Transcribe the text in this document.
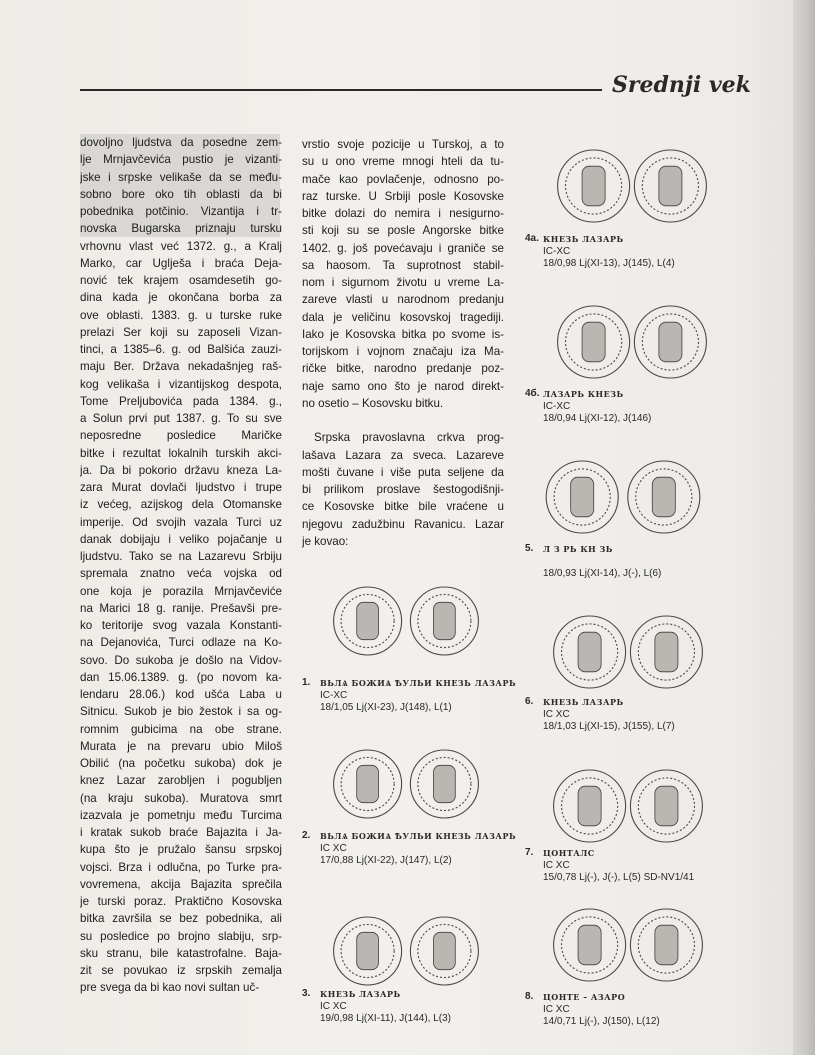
Srednji vek
dovoljno ljudstva da posedne zem-
lje Mrnjavčevića pustio je vizanti-
jske i srpske velikaše da se među-
sobno bore oko tih oblasti da bi
pobednika potčinio. Vizantija i tr-
novska Bugarska priznaju tursku
vrhovnu vlast već 1372. g., a Kralj
Marko, car Uglješa i braća Deja-
nović tek krajem osamdesetih go-
dina kada je okončana borba za
ove oblasti. 1383. g. u turske ruke
prelazi Ser koji su zaposeli Vizan-
tinci, a 1385–6. g. od Balšića zauzi-
maju Ber. Država nekadašnjeg raš-
kog velikaša i vizantijskog despota,
Tome Preljubovića pada 1384. g.,
a Solun prvi put 1387. g. To su sve
neposredne posledice Maričke
bitke i rezultat lokalnih turskih akci-
ja. Da bi pokorio državu kneza La-
zara Murat dovlači ljudstvo i trupe
iz većeg, azijskog dela Otomanske
imperije. Od svojih vazala Turci uz
danak dobijaju i veliko pojačanje u
ljudstvu. Tako se na Lazarevu Srbiju
spremala znatno veća vojska od
one koja je porazila Mrnjavčeviće
na Marici 18 g. ranije. Prešavši pre-
ko teritorije svog vazala Konstanti-
na Dejanovića, Turci odlaze na Ko-
sovo. Do sukoba je došlo na Vidov-
dan 15.06.1389. g. (po novom ka-
lendaru 28.06.) kod ušća Laba u
Sitnicu. Sukob je bio žestok i sa og-
romnim gubicima na obe strane.
Murata je na prevaru ubio Miloš
Obilić (na početku sukoba) dok je
knez Lazar zarobljen i pogubljen
(na kraju sukoba). Muratova smrt
izazvala je pometnju među Turcima
i kratak sukob braće Bajazita i Ja-
kupa što je pružalo šansu srpskoj
vojsci. Brza i odlučna, po Turke pra-
vovremena, akcija Bajazita sprečila
je turski poraz. Praktično Kosovska
bitka završila se bez pobednika, ali
su posledice po brojno slabiju, srp-
sku stranu, bile katastrofalne. Baja-
zit se povukao iz srpskih zemalja
pre svega da bi kao novi sultan uč-
vrstio svoje pozicije u Turskoj, a to
su u ono vreme mnogi hteli da tu-
mače kao povlačenje, odnosno po-
raz turske. U Srbiji posle Kosovske
bitke dolazi do nemira i nesigurno-
sti koji su se posle Angorske bitke
1402. g. još povećavaju i graniče se
sa haosom. Ta suprotnost stabil-
nom i sigurnom životu u vreme La-
zareve vlasti u narodnom predanju
dala je veličinu kosovskoj tragediji.
Iako je Kosovska bitka po svome is-
torijskom i vojnom značaju iza Ma-
ričke bitke, narodno predanje poz-
naje samo ono što je narod direkt-
no osetio – Kosovsku bitku.
Srpska pravoslavna crkva prog-
lašava Lazara za sveca. Lazareve
mošti čuvane i više puta seljene da
bi prilikom proslave šestogodišnji-
ce Kosovske bitke bile vraćene u
njegovu zadužbinu Ravanicu. Lazar
je kovao:
1. ВЬЛѦ БОЖИѦ ѢУЛЬИ КНЕЗЬ ЛАЗАРЬ
IC-XC
18/1,05 Lj(XI-23), J(148), L(1)
2. ВЬЛѦ БОЖИѦ ѢУЛЬИ КНЕЗЬ ЛАЗАРЬ
IC XC
17/0,88 Lj(XI-22), J(147), L(2)
3. КНЕЗЬ ЛАЗАРЬ
IC XC
19/0,98 Lj(XI-11), J(144), L(3)
4a. КНЕЗЬ ЛАЗАРЬ
IC-XC
18/0,98 Lj(XI-13), J(145), L(4)
4б. ЛАЗАРЬ КНЕЗЬ
IC-XC
18/0,94 Lj(XI-12), J(146)
5. Л З РЬ КН ЗЬ
18/0,93 Lj(XI-14), J(-), L(6)
6. КНЕЗЬ ЛАЗАРЬ
IC XC
18/1,03 Lj(XI-15), J(155), L(7)
7. ЦОНТАЛС
IC XC
15/0,78 Lj(-), J(-), L(5) SD-NV1/41
8. ЦОНТЕ – АЗАРО
IC XC
14/0,71 Lj(-), J(150), L(12)
